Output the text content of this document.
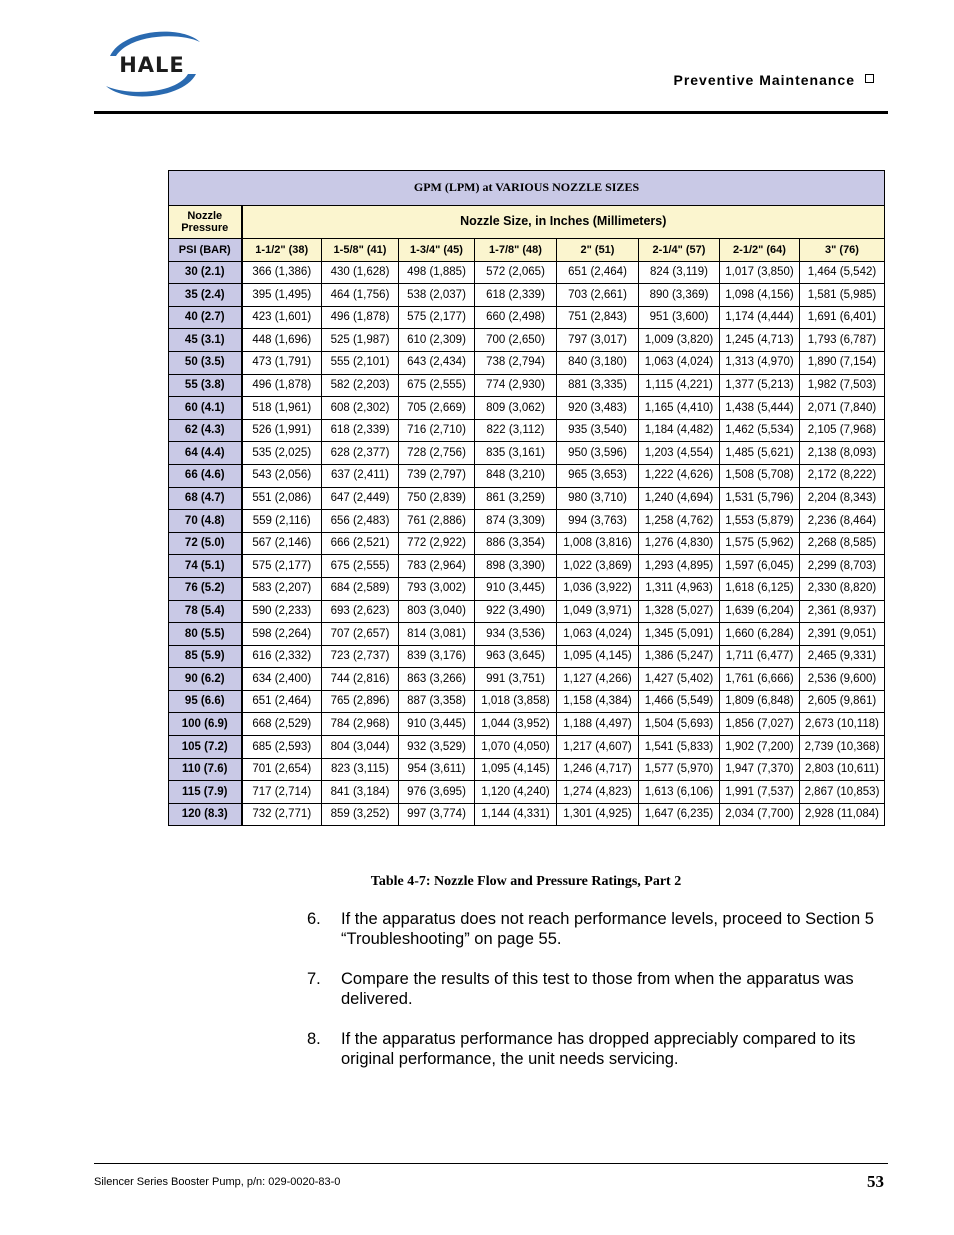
HALE
Preventive Maintenance
GPM (LPM) at VARIOUS NOZZLE SIZES								
Nozzle Pressure	Nozzle Size, in Inches (Millimeters)							
PSI (BAR)	1-1/2" (38)	1-5/8" (41)	1-3/4" (45)	1-7/8" (48)	2" (51)	2-1/4" (57)	2-1/2" (64)	3" (76)
30 (2.1)	366 (1,386)	430 (1,628)	498 (1,885)	572 (2,065)	651 (2,464)	824 (3,119)	1,017 (3,850)	1,464 (5,542)
35 (2.4)	395 (1,495)	464 (1,756)	538 (2,037)	618 (2,339)	703 (2,661)	890 (3,369)	1,098 (4,156)	1,581 (5,985)
40 (2.7)	423 (1,601)	496 (1,878)	575 (2,177)	660 (2,498)	751 (2,843)	951 (3,600)	1,174 (4,444)	1,691 (6,401)
45 (3.1)	448 (1,696)	525 (1,987)	610 (2,309)	700 (2,650)	797 (3,017)	1,009 (3,820)	1,245 (4,713)	1,793 (6,787)
50 (3.5)	473 (1,791)	555 (2,101)	643 (2,434)	738 (2,794)	840 (3,180)	1,063 (4,024)	1,313 (4,970)	1,890 (7,154)
55 (3.8)	496 (1,878)	582 (2,203)	675 (2,555)	774 (2,930)	881 (3,335)	1,115 (4,221)	1,377 (5,213)	1,982 (7,503)
60 (4.1)	518 (1,961)	608 (2,302)	705 (2,669)	809 (3,062)	920 (3,483)	1,165 (4,410)	1,438 (5,444)	2,071 (7,840)
62 (4.3)	526 (1,991)	618 (2,339)	716 (2,710)	822 (3,112)	935 (3,540)	1,184 (4,482)	1,462 (5,534)	2,105 (7,968)
64 (4.4)	535 (2,025)	628 (2,377)	728 (2,756)	835 (3,161)	950 (3,596)	1,203 (4,554)	1,485 (5,621)	2,138 (8,093)
66 (4.6)	543 (2,056)	637 (2,411)	739 (2,797)	848 (3,210)	965 (3,653)	1,222 (4,626)	1,508 (5,708)	2,172 (8,222)
68 (4.7)	551 (2,086)	647 (2,449)	750 (2,839)	861 (3,259)	980 (3,710)	1,240 (4,694)	1,531 (5,796)	2,204 (8,343)
70 (4.8)	559 (2,116)	656 (2,483)	761 (2,886)	874 (3,309)	994 (3,763)	1,258 (4,762)	1,553 (5,879)	2,236 (8,464)
72 (5.0)	567 (2,146)	666 (2,521)	772 (2,922)	886 (3,354)	1,008 (3,816)	1,276 (4,830)	1,575 (5,962)	2,268 (8,585)
74 (5.1)	575 (2,177)	675 (2,555)	783 (2,964)	898 (3,390)	1,022 (3,869)	1,293 (4,895)	1,597 (6,045)	2,299 (8,703)
76 (5.2)	583 (2,207)	684 (2,589)	793 (3,002)	910 (3,445)	1,036 (3,922)	1,311 (4,963)	1,618 (6,125)	2,330 (8,820)
78 (5.4)	590 (2,233)	693 (2,623)	803 (3,040)	922 (3,490)	1,049 (3,971)	1,328 (5,027)	1,639 (6,204)	2,361 (8,937)
80 (5.5)	598 (2,264)	707 (2,657)	814 (3,081)	934 (3,536)	1,063 (4,024)	1,345 (5,091)	1,660 (6,284)	2,391 (9,051)
85 (5.9)	616 (2,332)	723 (2,737)	839 (3,176)	963 (3,645)	1,095 (4,145)	1,386 (5,247)	1,711 (6,477)	2,465 (9,331)
90 (6.2)	634 (2,400)	744 (2,816)	863 (3,266)	991 (3,751)	1,127 (4,266)	1,427 (5,402)	1,761 (6,666)	2,536 (9,600)
95 (6.6)	651 (2,464)	765 (2,896)	887 (3,358)	1,018 (3,858)	1,158 (4,384)	1,466 (5,549)	1,809 (6,848)	2,605 (9,861)
100 (6.9)	668 (2,529)	784 (2,968)	910 (3,445)	1,044 (3,952)	1,188 (4,497)	1,504 (5,693)	1,856 (7,027)	2,673 (10,118)
105 (7.2)	685 (2,593)	804 (3,044)	932 (3,529)	1,070 (4,050)	1,217 (4,607)	1,541 (5,833)	1,902 (7,200)	2,739 (10,368)
110 (7.6)	701 (2,654)	823 (3,115)	954 (3,611)	1,095 (4,145)	1,246 (4,717)	1,577 (5,970)	1,947 (7,370)	2,803 (10,611)
115 (7.9)	717 (2,714)	841 (3,184)	976 (3,695)	1,120 (4,240)	1,274 (4,823)	1,613 (6,106)	1,991 (7,537)	2,867 (10,853)
120 (8.3)	732 (2,771)	859 (3,252)	997 (3,774)	1,144 (4,331)	1,301 (4,925)	1,647 (6,235)	2,034 (7,700)	2,928 (11,084)
Table 4-7: Nozzle Flow and Pressure Ratings, Part 2
6. If the apparatus does not reach performance levels, proceed to Section 5 “Troubleshooting” on page 55.
7. Compare the results of this test to those from when the apparatus was delivered.
8. If the apparatus performance has dropped appreciably compared to its original performance, the unit needs servicing.
Silencer Series Booster Pump, p/n: 029-0020-83-0	53
